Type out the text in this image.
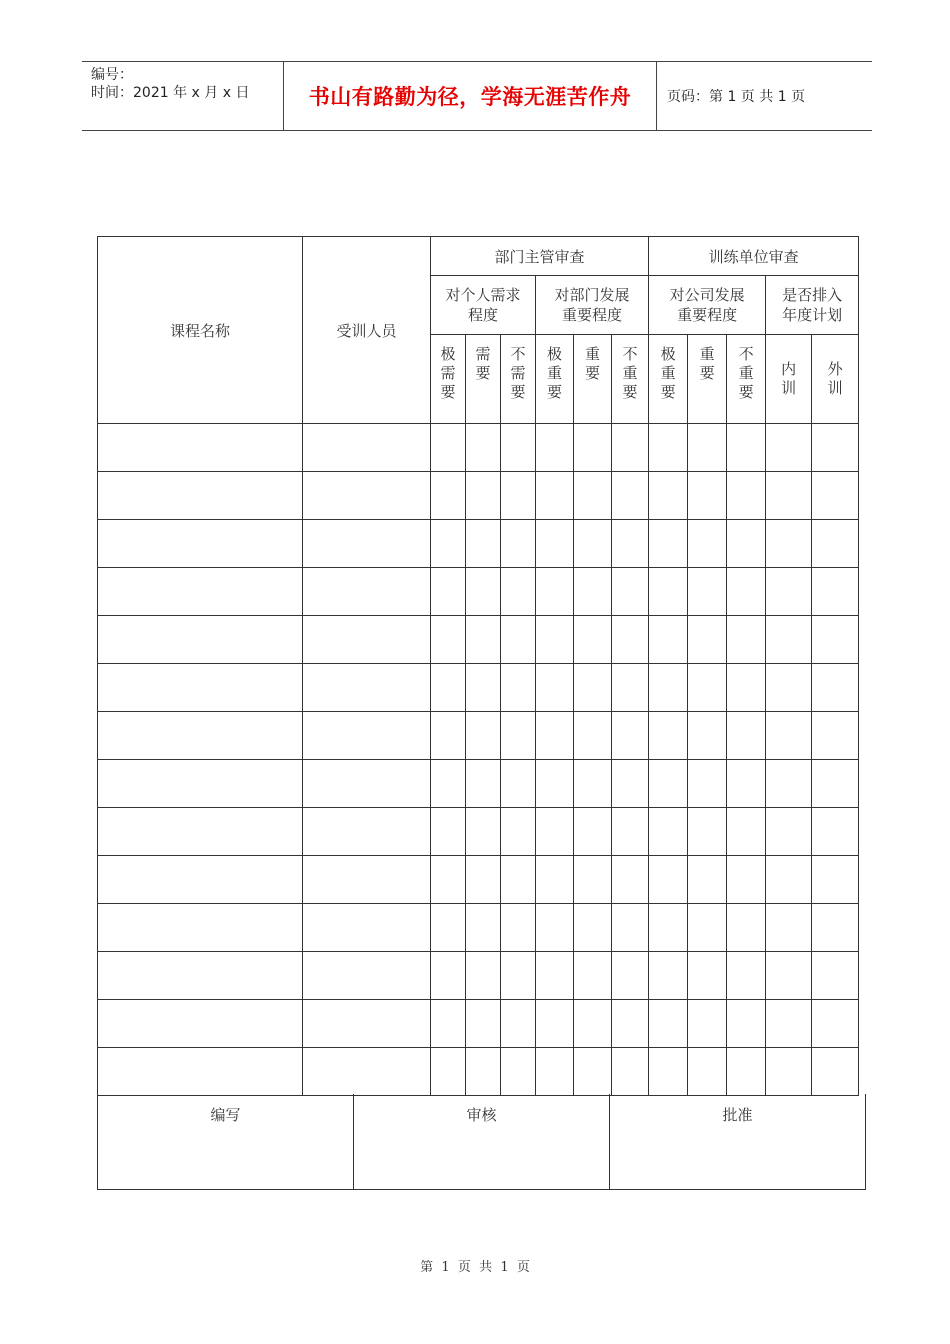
编号：
时间：2021 年 x 月 x 日	书山有路勤为径，学海无涯苦作舟	页码：第 1 页 共 1 页
课程名称	受训人员	部门主管审查						训练单位审查				
		对个人需求程度			对部门发展重要程度			对公司发展重要程度			是否排入年度计划	
		极需要	需要	不需要	极重要	重要	不重要	极重要	重要	不重要	内训	外训

编写	审核	批准
第  1  页  共  1  页
